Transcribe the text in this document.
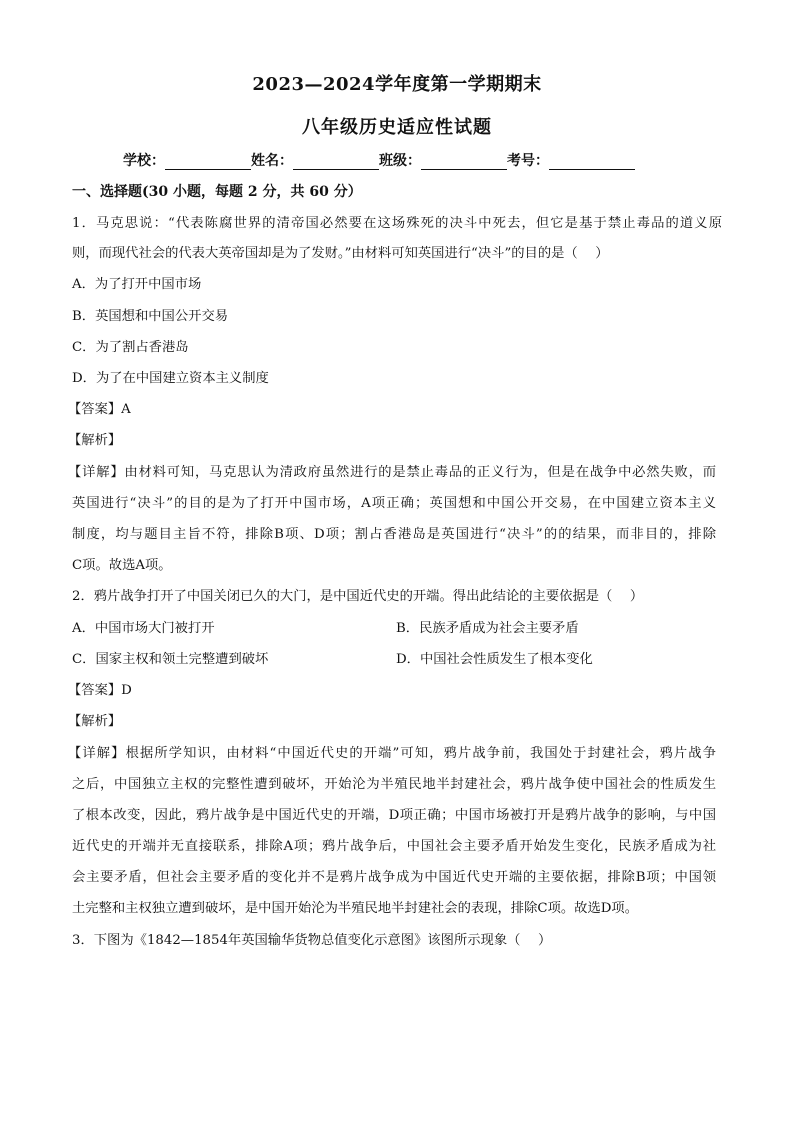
2023—2024学年度第一学期期末
八年级历史适应性试题
学校：	姓名：	班级：	考号：
一、选择题(30 小题，每题 2 分，共 60 分）
1．马克思说：“代表陈腐世界的清帝国必然要在这场殊死的决斗中死去，但它是基于禁止毒品的道义原
则，而现代社会的代表大英帝国却是为了发财。”由材料可知英国进行“决斗”的目的是（　 ）
A．为了打开中国市场
B．英国想和中国公开交易
C．为了割占香港岛
D．为了在中国建立资本主义制度
【答案】A
【解析】
【详解】由材料可知，马克思认为清政府虽然进行的是禁止毒品的正义行为，但是在战争中必然失败，而
英国进行“决斗”的目的是为了打开中国市场，A项正确；英国想和中国公开交易，在中国建立资本主义
制度，均与题目主旨不符，排除B项、D项；割占香港岛是英国进行“决斗”的的结果，而非目的，排除
C项。故选A项。
2．鸦片战争打开了中国关闭已久的大门，是中国近代史的开端。得出此结论的主要依据是（　 ）
A．中国市场大门被打开	B．民族矛盾成为社会主要矛盾
C．国家主权和领土完整遭到破坏	D．中国社会性质发生了根本变化
【答案】D
【解析】
【详解】根据所学知识，由材料“中国近代史的开端”可知，鸦片战争前，我国处于封建社会，鸦片战争
之后，中国独立主权的完整性遭到破坏，开始沦为半殖民地半封建社会，鸦片战争使中国社会的性质发生
了根本改变，因此，鸦片战争是中国近代史的开端，D项正确；中国市场被打开是鸦片战争的影响，与中国
近代史的开端并无直接联系，排除A项；鸦片战争后，中国社会主要矛盾开始发生变化，民族矛盾成为社
会主要矛盾，但社会主要矛盾的变化并不是鸦片战争成为中国近代史开端的主要依据，排除B项；中国领
土完整和主权独立遭到破坏，是中国开始沦为半殖民地半封建社会的表现，排除C项。故选D项。
3．下图为《1842—1854年英国输华货物总值变化示意图》该图所示现象（　 ）
